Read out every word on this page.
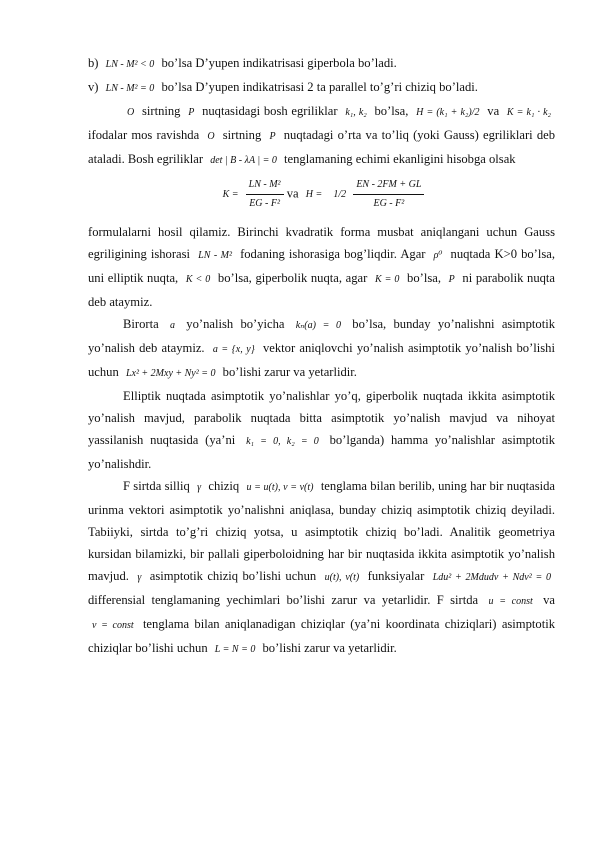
b) LN - M² < 0 bo’lsa D’yupen indikatrisasi giperbola bo’ladi.
v) LN - M² = 0 bo’lsa D’yupen indikatrisasi 2 ta parallel to’g’ri chiziq bo’ladi.
O sirtning P nuqtasidagi bosh egriliklar k₁, k₂ bo’lsa, H = (k₁ + k₂)/2 va K = k₁ · k₂ ifodalar mos ravishda O sirtning P nuqtadagi o’rta va to’liq (yoki Gauss) egriliklari deb ataladi. Bosh egriliklar det | B - λA | = 0 tenglamaning echimi ekanligini hisobga olsak
$K = \frac{\text{LN - M²}}{\text{EG - F²}}$ va $H = 1/2 \frac{EN - 2FM + GL}{\text{EG - F²}}$
formulalarni hosil qilamiz. Birinchi kvadratik forma musbat aniqlangani uchun Gauss egriligining ishorasi LN - M² fodaning ishorasiga bog’liqdir. Agar ρ⁰ nuqtada K>0 bo’lsa, uni elliptik nuqta, K < 0 bo’lsa, giperbolik nuqta, agar K = 0 bo’lsa, P ni parabolik nuqta deb ataymiz.
Birorta a yo’nalish bo’yicha kₙ(a) = 0 bo’lsa, bunday yo’nalishni asimptotik yo’nalish deb ataymiz. a = {x, y} vektor aniqlovchi yo’nalish asimptotik yo’nalish bo’lishi uchun Lx² + 2Mxy + Ny² = 0 bo’lishi zarur va yetarlidir.
Elliptik nuqtada asimptotik yo’nalishlar yo’q, giperbolik nuqtada ikkita asimptotik yo’nalish mavjud, parabolik nuqtada bitta asimptotik yo’nalish mavjud va nihoyat yassilanish nuqtasida (ya’ni k₁ = 0, k₂ = 0 bo’lganda) hamma yo’nalishlar asimptotik yo’nalishdir.
F sirtda silliq γ chiziq u = u(t), v = v(t) tenglama bilan berilib, uning har bir nuqtasida urinma vektori asimptotik yo’nalishni aniqlasa, bunday chiziq asimptotik chiziq deyiladi. Tabiiyki, sirtda to’g’ri chiziq yotsa, u asimptotik chiziq bo’ladi. Analitik geometriya kursidan bilamizki, bir pallali giperboloidning har bir nuqtasida ikkita asimptotik yo’nalish mavjud. γ asimptotik chiziq bo’lishi uchun u(t), v(t) funksiyalar Ldu² + 2Mdudv + Ndv² = 0 differensial tenglamaning yechimlari bo’lishi zarur va yetarlidir. F sirtda u = const va v = const tenglama bilan aniqlanadigan chiziqlar (ya’ni koordinata chiziqlari) asimptotik chiziqlar bo’lishi uchun L = N = 0 bo’lishi zarur va yetarlidir.
